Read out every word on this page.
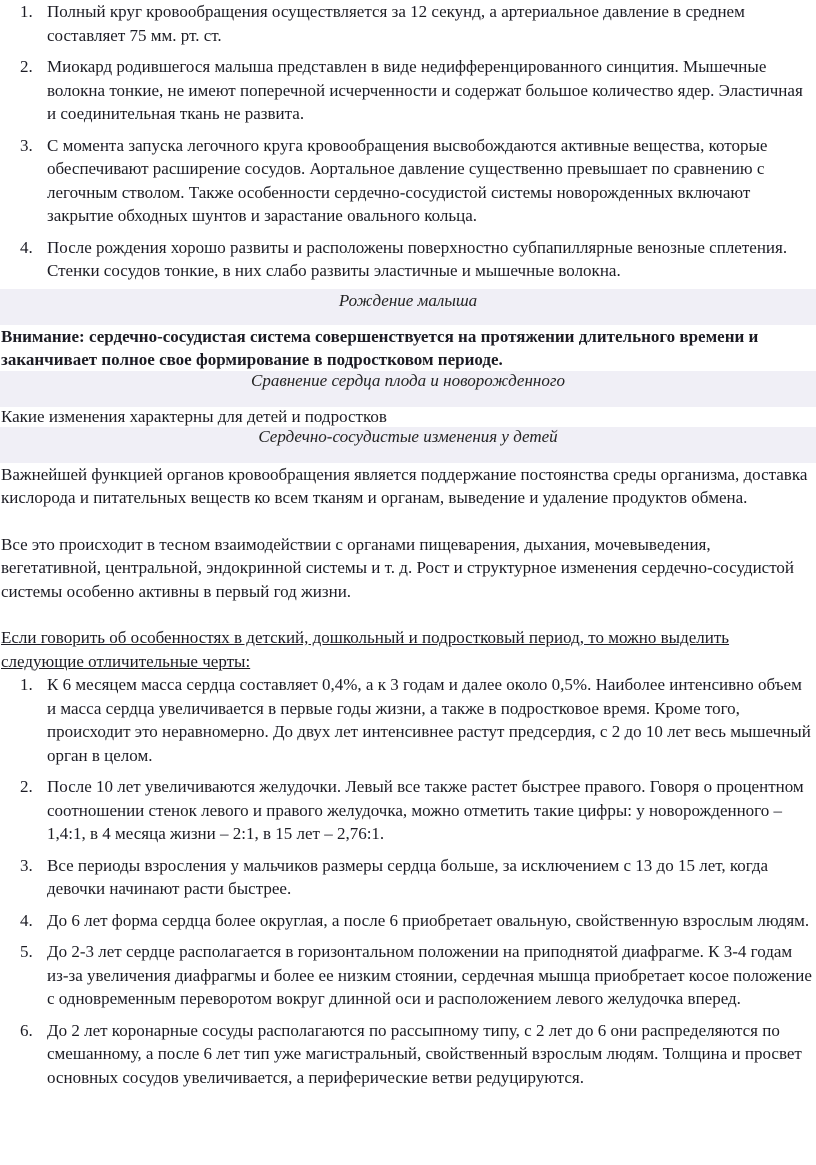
1. Полный круг кровообращения осуществляется за 12 секунд, а артериальное давление в среднем составляет 75 мм. рт. ст.
2. Миокард родившегося малыша представлен в виде недифференцированного синцития. Мышечные волокна тонкие, не имеют поперечной исчерченности и содержат большое количество ядер. Эластичная и соединительная ткань не развита.
3. С момента запуска легочного круга кровообращения высвобождаются активные вещества, которые обеспечивают расширение сосудов. Аортальное давление существенно превышает по сравнению с легочным стволом. Также особенности сердечно-сосудистой системы новорожденных включают закрытие обходных шунтов и зарастание овального кольца.
4. После рождения хорошо развиты и расположены поверхностно субпапиллярные венозные сплетения. Стенки сосудов тонкие, в них слабо развиты эластичные и мышечные волокна.
Рождение малыша
Внимание: сердечно-сосудистая система совершенствуется на протяжении длительного времени и заканчивает полное свое формирование в подростковом периоде.
Сравнение сердца плода и новорожденного
Какие изменения характерны для детей и подростков
Сердечно-сосудистые изменения у детей
Важнейшей функцией органов кровообращения является поддержание постоянства среды организма, доставка кислорода и питательных веществ ко всем тканям и органам, выведение и удаление продуктов обмена.
Все это происходит в тесном взаимодействии с органами пищеварения, дыхания, мочевыведения, вегетативной, центральной, эндокринной системы и т. д. Рост и структурное изменения сердечно-сосудистой системы особенно активны в первый год жизни.
Если говорить об особенностях в детский, дошкольный и подростковый период, то можно выделить следующие отличительные черты:
1. К 6 месяцем масса сердца составляет 0,4%, а к 3 годам и далее около 0,5%. Наиболее интенсивно объем и масса сердца увеличивается в первые годы жизни, а также в подростковое время. Кроме того, происходит это неравномерно. До двух лет интенсивнее растут предсердия, с 2 до 10 лет весь мышечный орган в целом.
2. После 10 лет увеличиваются желудочки. Левый все также растет быстрее правого. Говоря о процентном соотношении стенок левого и правого желудочка, можно отметить такие цифры: у новорожденного – 1,4:1, в 4 месяца жизни – 2:1, в 15 лет – 2,76:1.
3. Все периоды взросления у мальчиков размеры сердца больше, за исключением с 13 до 15 лет, когда девочки начинают расти быстрее.
4. До 6 лет форма сердца более округлая, а после 6 приобретает овальную, свойственную взрослым людям.
5. До 2-3 лет сердце располагается в горизонтальном положении на приподнятой диафрагме. К 3-4 годам из-за увеличения диафрагмы и более ее низким стоянии, сердечная мышца приобретает косое положение с одновременным переворотом вокруг длинной оси и расположением левого желудочка вперед.
6. До 2 лет коронарные сосуды располагаются по рассыпному типу, с 2 лет до 6 они распределяются по смешанному, а после 6 лет тип уже магистральный, свойственный взрослым людям. Толщина и просвет основных сосудов увеличивается, а периферические ветви редуцируются.
